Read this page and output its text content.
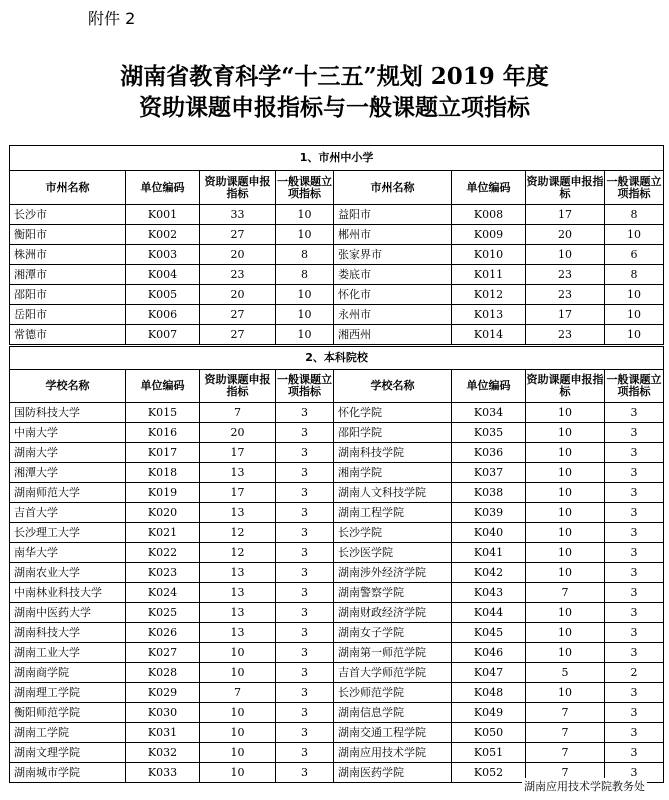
附件 2
湖南省教育科学“十三五”规划 2019 年度
资助课题申报指标与一般课题立项指标
1、市州中小学							
市州名称	单位编码	资助课题申报指标	一般课题立项指标	市州名称	单位编码	资助课题申报指标	一般课题立项指标
长沙市	K001	33	10	益阳市	K008	17	8
衡阳市	K002	27	10	郴州市	K009	20	10
株洲市	K003	20	8	张家界市	K010	10	6
湘潭市	K004	23	8	娄底市	K011	23	8
邵阳市	K005	20	10	怀化市	K012	23	10
岳阳市	K006	27	10	永州市	K013	17	10
常德市	K007	27	10	湘西州	K014	23	10
2、本科院校							
学校名称	单位编码	资助课题申报指标	一般课题立项指标	学校名称	单位编码	资助课题申报指标	一般课题立项指标
国防科技大学	K015	7	3	怀化学院	K034	10	3
中南大学	K016	20	3	邵阳学院	K035	10	3
湖南大学	K017	17	3	湖南科技学院	K036	10	3
湘潭大学	K018	13	3	湘南学院	K037	10	3
湖南师范大学	K019	17	3	湖南人文科技学院	K038	10	3
吉首大学	K020	13	3	湖南工程学院	K039	10	3
长沙理工大学	K021	12	3	长沙学院	K040	10	3
南华大学	K022	12	3	长沙医学院	K041	10	3
湖南农业大学	K023	13	3	湖南涉外经济学院	K042	10	3
中南林业科技大学	K024	13	3	湖南警察学院	K043	7	3
湖南中医药大学	K025	13	3	湖南财政经济学院	K044	10	3
湖南科技大学	K026	13	3	湖南女子学院	K045	10	3
湖南工业大学	K027	10	3	湖南第一师范学院	K046	10	3
湖南商学院	K028	10	3	吉首大学师范学院	K047	5	2
湖南理工学院	K029	7	3	长沙师范学院	K048	10	3
衡阳师范学院	K030	10	3	湖南信息学院	K049	7	3
湖南工学院	K031	10	3	湖南交通工程学院	K050	7	3
湖南文理学院	K032	10	3	湖南应用技术学院	K051	7	3
湖南城市学院	K033	10	3	湖南医药学院	K052	7	3
湖南应用技术学院教务处
